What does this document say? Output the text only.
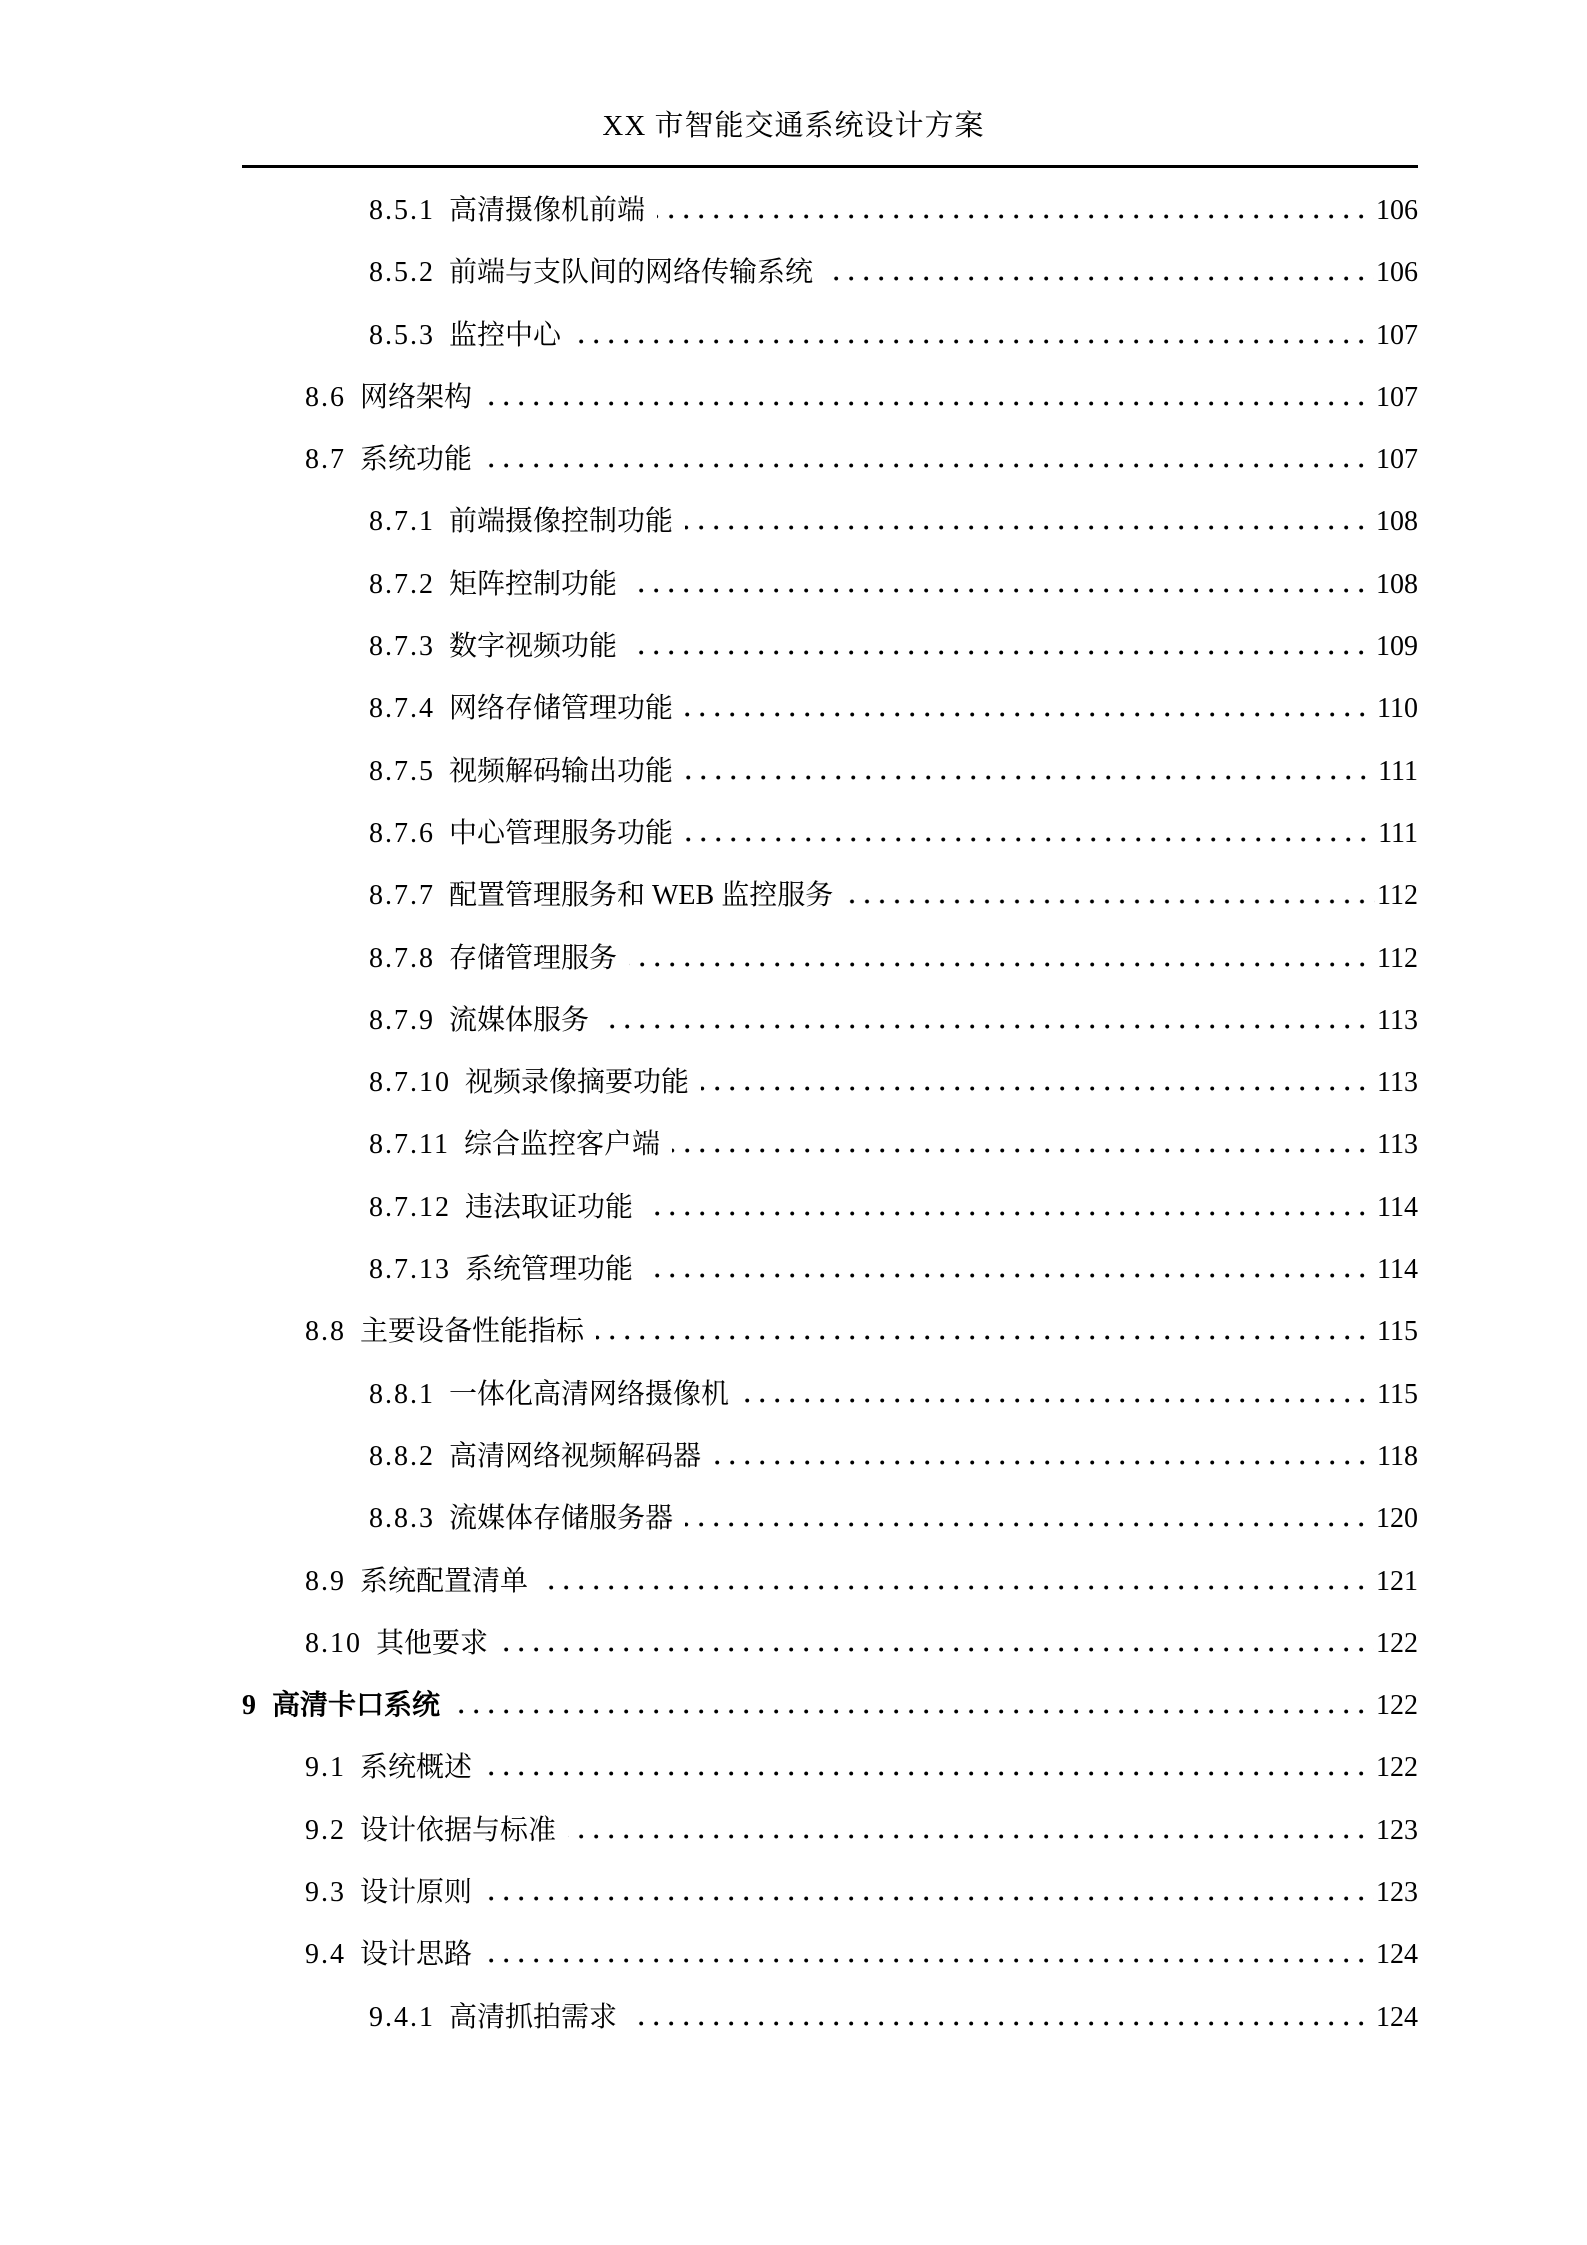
XX 市智能交通系统设计方案
8.5.1 高清摄像机前端	106
8.5.2 前端与支队间的网络传输系统	106
8.5.3 监控中心	107
8.6 网络架构	107
8.7 系统功能	107
8.7.1 前端摄像控制功能	108
8.7.2 矩阵控制功能	108
8.7.3 数字视频功能	109
8.7.4 网络存储管理功能	110
8.7.5 视频解码输出功能	111
8.7.6 中心管理服务功能	111
8.7.7 配置管理服务和 WEB 监控服务	112
8.7.8 存储管理服务	112
8.7.9 流媒体服务	113
8.7.10 视频录像摘要功能	113
8.7.11 综合监控客户端	113
8.7.12 违法取证功能	114
8.7.13 系统管理功能	114
8.8 主要设备性能指标	115
8.8.1 一体化高清网络摄像机	115
8.8.2 高清网络视频解码器	118
8.8.3 流媒体存储服务器	120
8.9 系统配置清单	121
8.10 其他要求	122
9 高清卡口系统	122
9.1 系统概述	122
9.2 设计依据与标准	123
9.3 设计原则	123
9.4 设计思路	124
9.4.1 高清抓拍需求	124
